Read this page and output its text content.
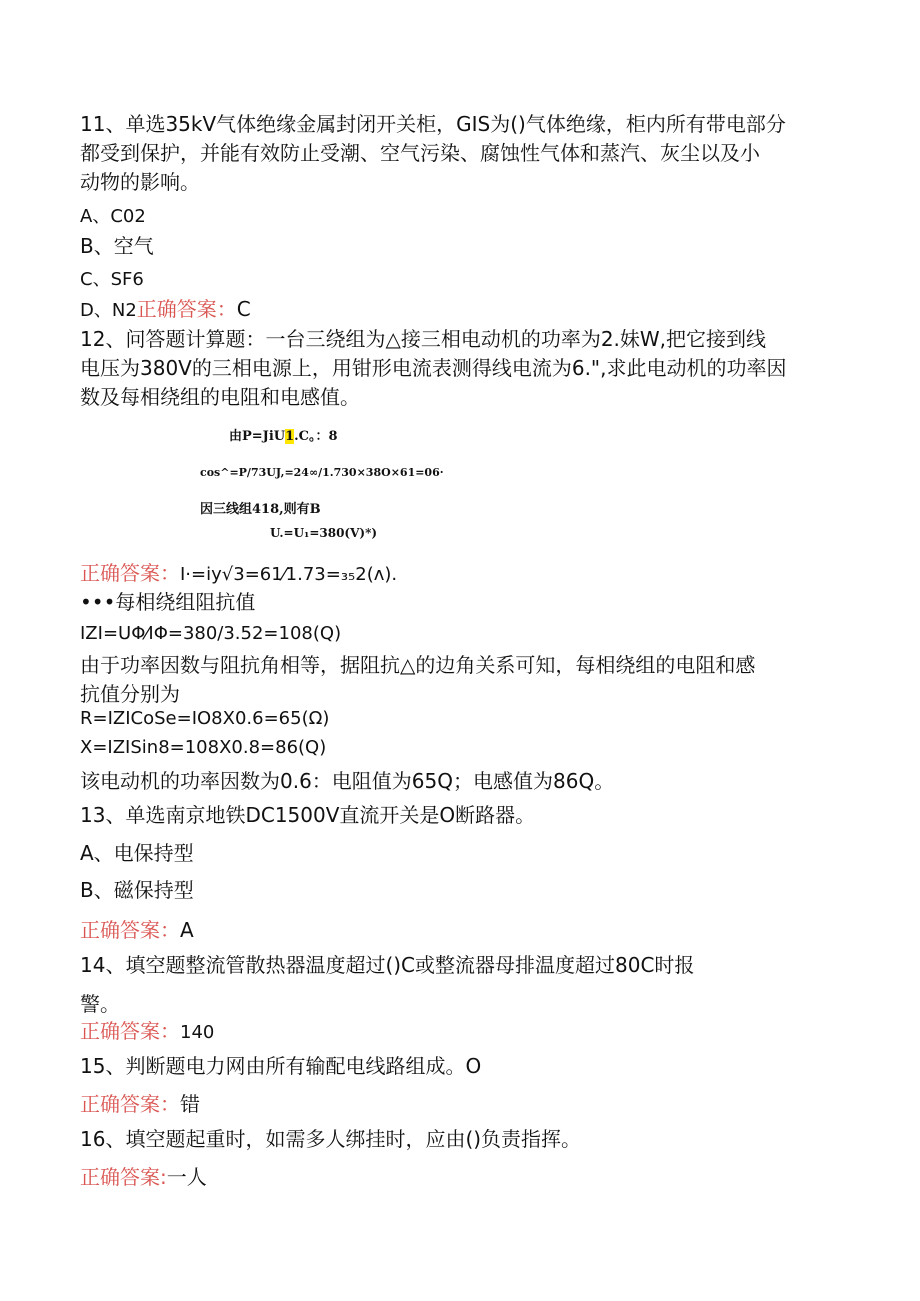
11、单选35kV气体绝缘金属封闭开关柜，GIS为()气体绝缘，柜内所有带电部分
都受到保护，并能有效防止受潮、空气污染、腐蚀性气体和蒸汽、灰尘以及小
动物的影响。
A、C02
B、空气
C、SF6
D、N2正确答案：C
12、问答题计算题：一台三绕组为△接三相电动机的功率为2.妹W,把它接到线
电压为380V的三相电源上，用钳形电流表测得线电流为6.",求此电动机的功率因
数及每相绕组的电阻和电感值。
由P=JiU1.C。：8
cos^=P/73UJ,=24∞/1.730×38O×61=06·
因三线组418,则有B
U.=U₁=380(V)*)
正确答案：I·=iy√3=61⁄1.73=₃₅2(ᴧ).
•••每相绕组阻抗值
IZI=UΦ⁄IΦ=380/3.52=108(Q)
由于功率因数与阻抗角相等，据阻抗△的边角关系可知，每相绕组的电阻和感
抗值分别为
R=IZICoSe=IO8X0.6=65(Ω)
X=IZISin8=108X0.8=86(Q)
该电动机的功率因数为0.6：电阻值为65Q；电感值为86Q。
13、单选南京地铁DC1500V直流开关是O断路器。
A、电保持型
B、磁保持型
正确答案：A
14、填空题整流管散热器温度超过()C或整流器母排温度超过80C时报
警。
正确答案：140
15、判断题电力网由所有输配电线路组成。O
正确答案：错
16、填空题起重时，如需多人绑挂时，应由()负责指挥。
正确答案:一人
